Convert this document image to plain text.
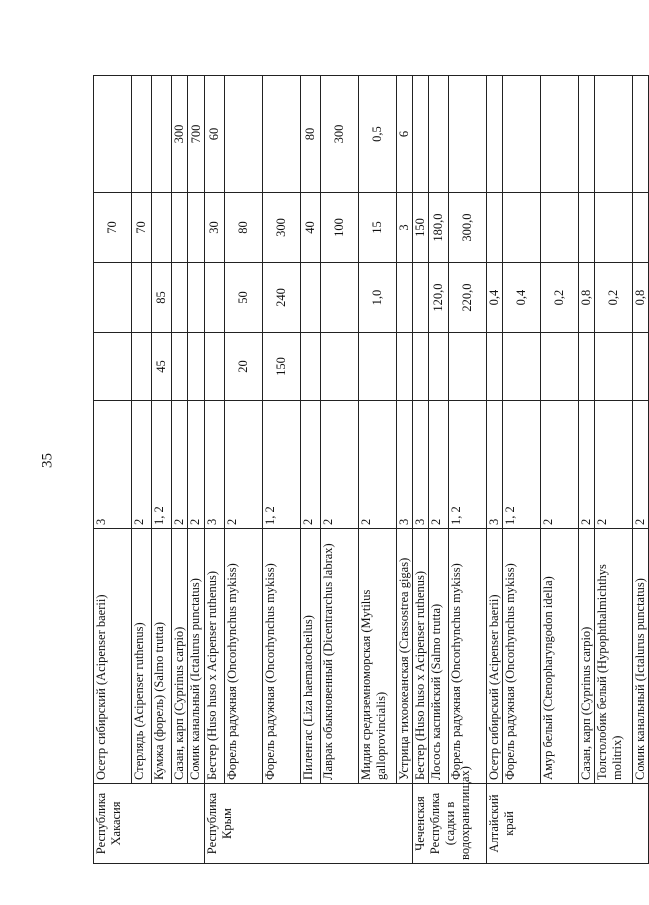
35
Республика Хакасия	Осетр сибирский (Acipenser baerii)	3			70	
	Стерлядь (Acipenser ruthenus)	2			70	
	Кумжа (форель) (Salmo trutta)	1, 2	45	85		
	Сазан, карп (Cyprinus carpio)	2				300
	Сомик канальный (Ictalurus punctatus)	2				700
Республика Крым	Бестер (Huso huso x Acipenser ruthenus)	3			30	60
	Форель радужная (Oncorhynchus mykiss)	2	20	50	80	
	Форель радужная (Oncorhynchus mykiss)	1, 2	150	240	300	
	Пиленгас (Liza haematocheilus)	2			40	80
	Лаврак обыкновенный (Dicentrarchus labrax)	2			100	300
	Мидия средиземноморская (Mytilus galloprovincialis)	2		1,0	15	0,5
	Устрица тихоокеанская (Crassostrea gigas)	3			3	6
Чеченская Республика (садки в водохранилищах)	Бестер (Huso huso x Acipenser ruthenus)	3			150	
	Лосось каспийский (Salmo trutta)	2		120,0	180,0	
	Форель радужная (Oncorhynchus mykiss)	1, 2		220,0	300,0	
Алтайский край	Осетр сибирский (Acipenser baerii)	3		0,4		
	Форель радужная (Oncorhynchus mykiss)	1, 2		0,4		
	Амур белый (Ctenopharyngodon idella)	2		0,2		
	Сазан, карп (Cyprinus carpio)	2		0,8		
	Толстолобик белый (Hypophthalmichthys molitrix)	2		0,2		
	Сомик канальный (Ictalurus punctatus)	2		0,8		
